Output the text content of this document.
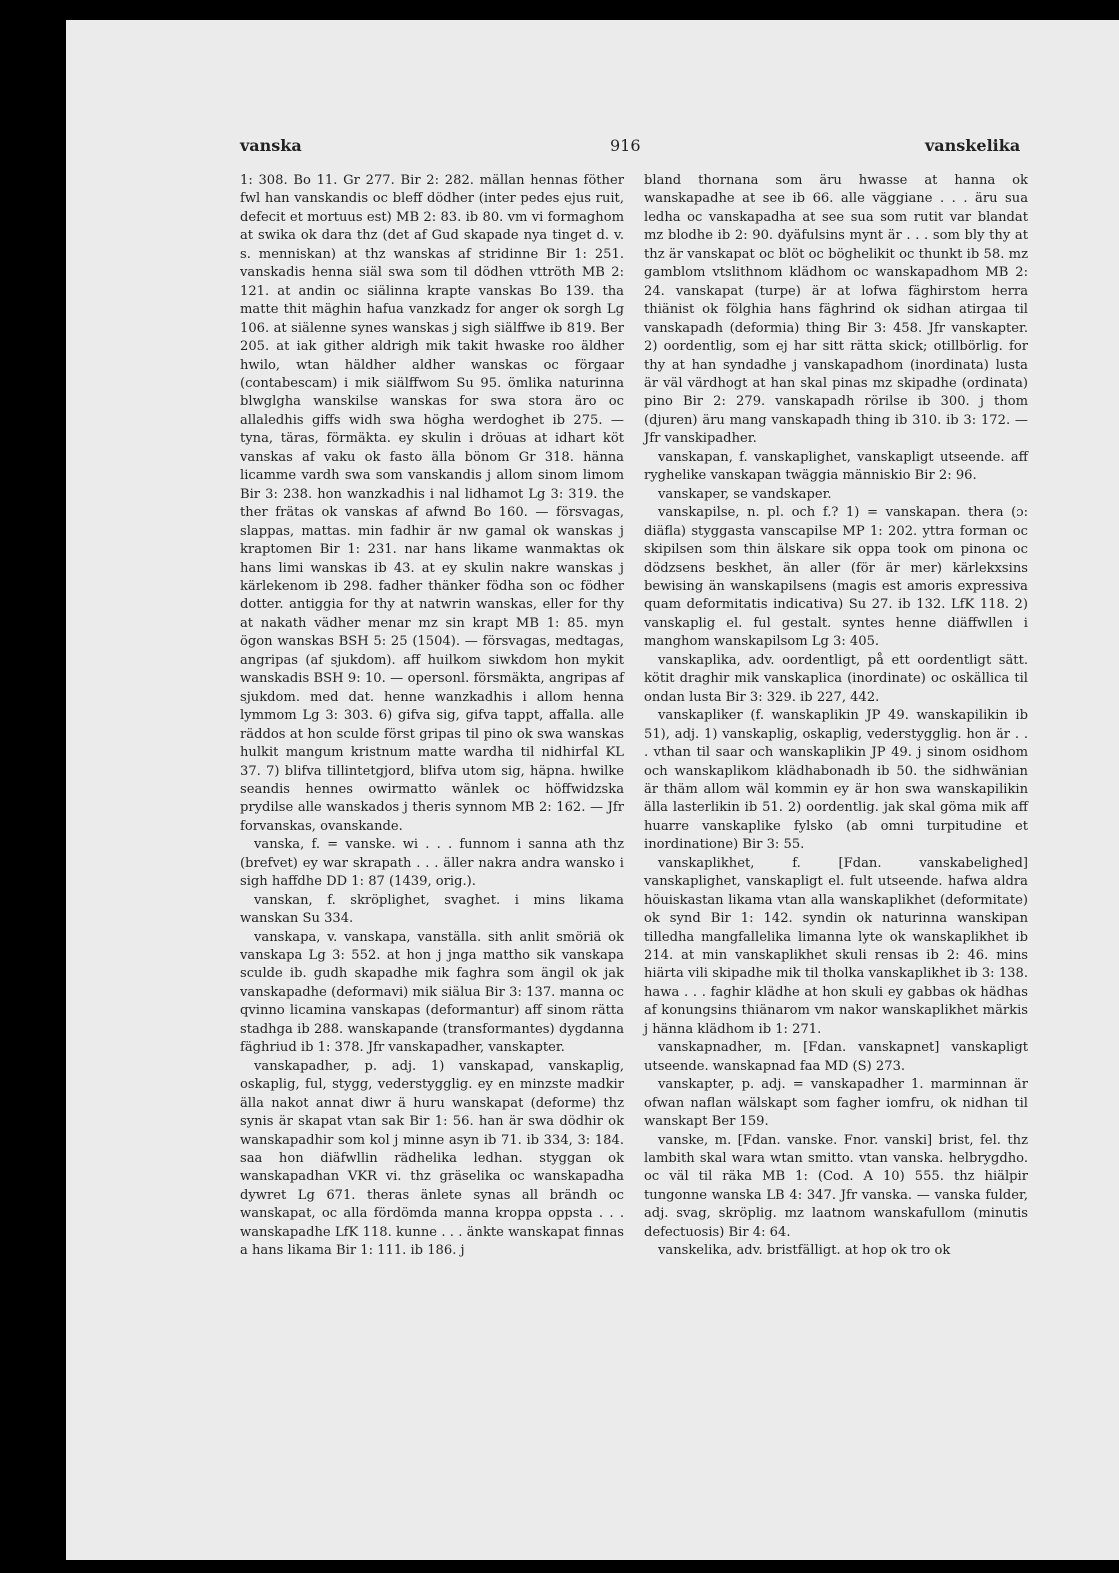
vanska	916	vanskelika

1: 308. Bo 11. Gr 277. Bir 2: 282. mällan hennas föther fwl han vanskandis oc bleff dödher (inter pedes ejus ruit, defecit et mortuus est) MB 2: 83. ib 80. vm vi formaghom at swika ok dara thz (det af Gud skapade nya tinget d. v. s. menniskan) at thz wanskas af stridinne Bir 1: 251. vanskadis henna siäl swa som til dödhen vttröth MB 2: 121. at andin oc siälinna krapte vanskas Bo 139. tha matte thit mäghin hafua vanzkadz for anger ok sorgh Lg 106. at siälenne synes wanskas j sigh siälffwe ib 819. Ber 205. at iak gither aldrigh mik takit hwaske roo äldher hwilo, wtan häldher aldher wanskas oc förgaar (contabescam) i mik siälffwom Su 95. ömlika naturinna blwglgha wanskilse wanskas for swa stora äro oc allaledhis giffs widh swa högha werdoghet ib 275. — tyna, täras, förmäkta. ey skulin i dröuas at idhart köt vanskas af vaku ok fasto älla bönom Gr 318. hänna licamme vardh swa som vanskandis j allom sinom limom Bir 3: 238. hon wanzkadhis i nal lidhamot Lg 3: 319. the ther frätas ok vanskas af afwnd Bo 160. — försvagas, slappas, mattas. min fadhir är nw gamal ok wanskas j kraptomen Bir 1: 231. nar hans likame wanmaktas ok hans limi wanskas ib 43. at ey skulin nakre wanskas j kärlekenom ib 298. fadher thänker födha son oc födher dotter. antiggia for thy at natwrin wanskas, eller for thy at nakath vädher menar mz sin krapt MB 1: 85. myn ögon wanskas BSH 5: 25 (1504). — försvagas, medtagas, angripas (af sjukdom). aff huilkom siwkdom hon mykit wanskadis BSH 9: 10. — opersonl. försmäkta, angripas af sjukdom. med dat. henne wanzkadhis i allom henna lymmom Lg 3: 303. 6) gifva sig, gifva tappt, affalla. alle räddos at hon sculde först gripas til pino ok swa wanskas hulkit mangum kristnum matte wardha til nidhirfal KL 37. 7) blifva tillintetgjord, blifva utom sig, häpna. hwilke seandis hennes owirmatto wänlek oc höffwidzska prydilse alle wanskados j theris synnom MB 2: 162. — Jfr forvanskas, ovanskande.

vanska, f. = vanske. wi . . . funnom i sanna ath thz (brefvet) ey war skrapath . . . äller nakra andra wansko i sigh haffdhe DD 1: 87 (1439, orig.).

vanskan, f. skröplighet, svaghet. i mins likama wanskan Su 334.

vanskapa, v. vanskapa, vanställa. sith anlit smöriä ok vanskapa Lg 3: 552. at hon j jnga mattho sik vanskapa sculde ib. gudh skapadhe mik faghra som ängil ok jak vanskapadhe (deformavi) mik siälua Bir 3: 137. manna oc qvinno licamina vanskapas (deformantur) aff sinom rätta stadhga ib 288. wanskapande (transformantes) dygdanna fäghriud ib 1: 378. Jfr vanskapadher, vanskapter.

vanskapadher, p. adj. 1) vanskapad, vanskaplig, oskaplig, ful, stygg, vederstygglig. ey en minzste madkir älla nakot annat diwr ä huru wanskapat (deforme) thz synis är skapat vtan sak Bir 1: 56. han är swa dödhir ok wanskapadhir som kol j minne asyn ib 71. ib 334, 3: 184. saa hon diäfwllin rädhelika ledhan. styggan ok wanskapadhan VKR vi. thz gräselika oc wanskapadha dywret Lg 671. theras änlete synas all brändh oc wanskapat, oc alla fördömda manna kroppa oppsta . . . wanskapadhe LfK 118. kunne . . . änkte wanskapat finnas a hans likama Bir 1: 111. ib 186. j

bland thornana som äru hwasse at hanna ok wanskapadhe at see ib 66. alle väggiane . . . äru sua ledha oc vanskapadha at see sua som rutit var blandat mz blodhe ib 2: 90. dyäfulsins mynt är . . . som bly thy at thz är vanskapat oc blöt oc böghelikit oc thunkt ib 58. mz gamblom vtslithnom klädhom oc wanskapadhom MB 2: 24. vanskapat (turpe) är at lofwa fäghirstom herra thiänist ok fölghia hans fäghrind ok sidhan atirgaa til vanskapadh (deformia) thing Bir 3: 458. Jfr vanskapter. 2) oordentlig, som ej har sitt rätta skick; otillbörlig. for thy at han syndadhe j vanskapadhom (inordinata) lusta är väl värdhogt at han skal pinas mz skipadhe (ordinata) pino Bir 2: 279. vanskapadh rörilse ib 300. j thom (djuren) äru mang vanskapadh thing ib 310. ib 3: 172. — Jfr vanskipadher.

vanskapan, f. vanskaplighet, vanskapligt utseende. aff ryghelike vanskapan twäggia människio Bir 2: 96.

vanskaper, se vandskaper.

vanskapilse, n. pl. och f.? 1) = vanskapan. thera (ɔ: diäfla) styggasta vanscapilse MP 1: 202. yttra forman oc skipilsen som thin älskare sik oppa took om pinona oc dödzsens beskhet, än aller (för är mer) kärlekxsins bewising än wanskapilsens (magis est amoris expressiva quam deformitatis indicativa) Su 27. ib 132. LfK 118. 2) vanskaplig el. ful gestalt. syntes henne diäffwllen i manghom wanskapilsom Lg 3: 405.

vanskaplika, adv. oordentligt, på ett oordentligt sätt. kötit draghir mik vanskaplica (inordinate) oc oskällica til ondan lusta Bir 3: 329. ib 227, 442.

vanskapliker (f. wanskaplikin JP 49. wanskapilikin ib 51), adj. 1) vanskaplig, oskaplig, vederstygglig. hon är . . . vthan til saar och wanskaplikin JP 49. j sinom osidhom och wanskaplikom klädhabonadh ib 50. the sidhwänian är thäm allom wäl kommin ey är hon swa wanskapilikin älla lasterlikin ib 51. 2) oordentlig. jak skal göma mik aff huarre vanskaplike fylsko (ab omni turpitudine et inordinatione) Bir 3: 55.

vanskaplikhet, f. [Fdan. vanskabelighed] vanskaplighet, vanskapligt el. fult utseende. hafwa aldra höuiskastan likama vtan alla wanskaplikhet (deformitate) ok synd Bir 1: 142. syndin ok naturinna wanskipan tilledha mangfallelika limanna lyte ok wanskaplikhet ib 214. at min vanskaplikhet skuli rensas ib 2: 46. mins hiärta vili skipadhe mik til tholka vanskaplikhet ib 3: 138. hawa . . . faghir klädhe at hon skuli ey gabbas ok hädhas af konungsins thiänarom vm nakor wanskaplikhet märkis j hänna klädhom ib 1: 271.

vanskapnadher, m. [Fdan. vanskapnet] vanskapligt utseende. wanskapnad faa MD (S) 273.

vanskapter, p. adj. = vanskapadher 1. marminnan är ofwan naflan wälskapt som fagher iomfru, ok nidhan til wanskapt Ber 159.

vanske, m. [Fdan. vanske. Fnor. vanski] brist, fel. thz lambith skal wara wtan smitto. vtan vanska. helbrygdho. oc väl til räka MB 1: (Cod. A 10) 555. thz hiälpir tungonne wanska LB 4: 347. Jfr vanska. — vanska fulder, adj. svag, skröplig. mz laatnom wanskafullom (minutis defectuosis) Bir 4: 64.

vanskelika, adv. bristfälligt. at hop ok tro ok
